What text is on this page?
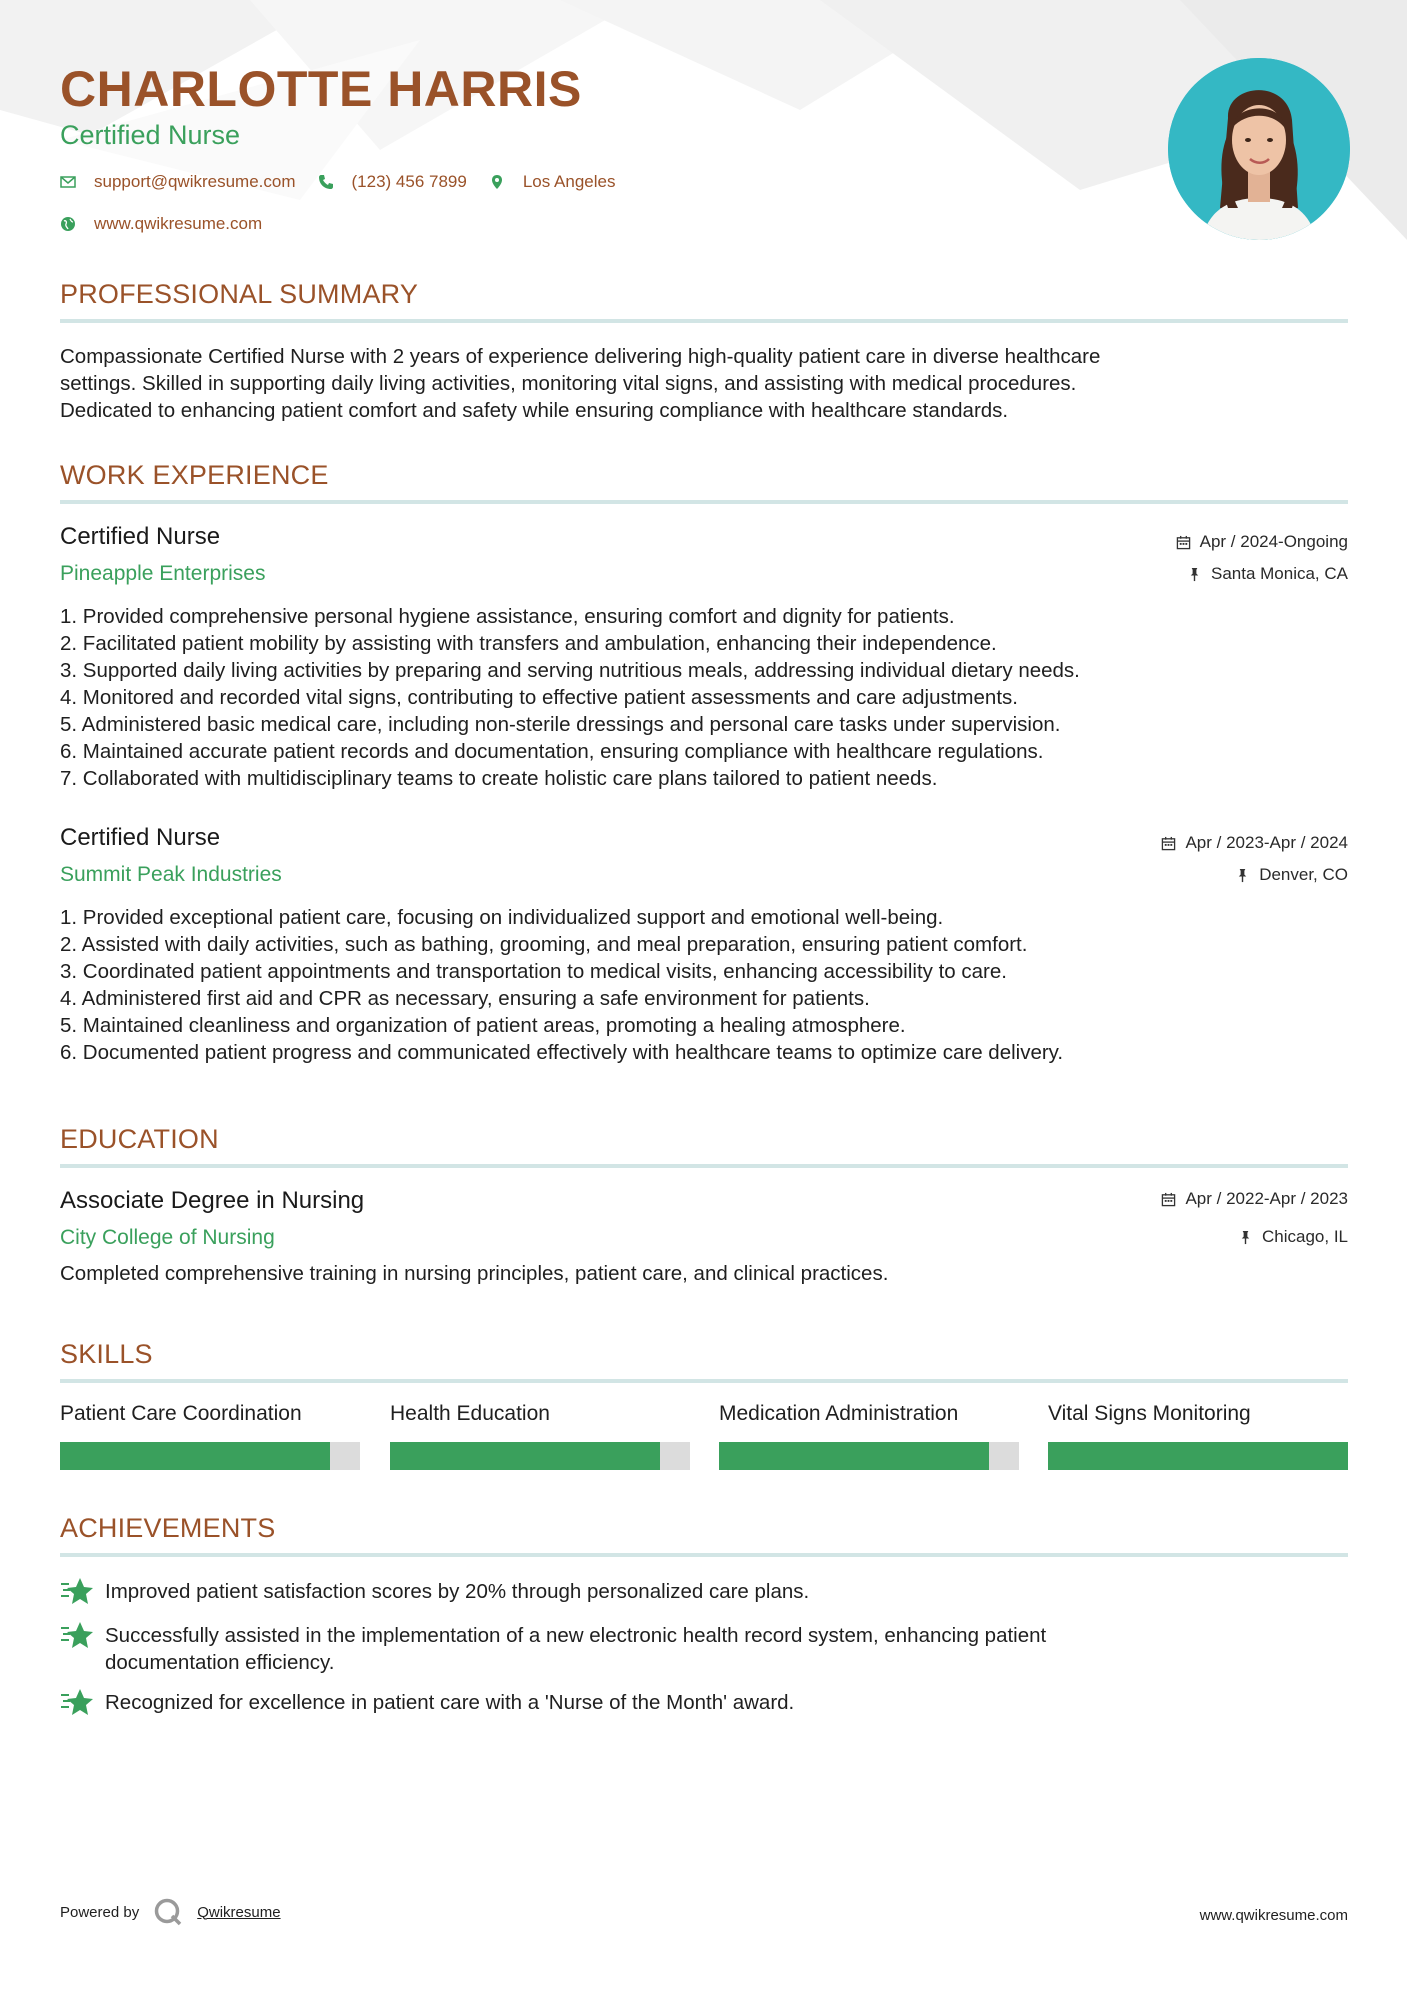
CHARLOTTE HARRIS
Certified Nurse
support@qwikresume.com	(123) 456 7899	Los Angeles
www.qwikresume.com
PROFESSIONAL SUMMARY
Compassionate Certified Nurse with 2 years of experience delivering high-quality patient care in diverse healthcare
settings. Skilled in supporting daily living activities, monitoring vital signs, and assisting with medical procedures.
Dedicated to enhancing patient comfort and safety while ensuring compliance with healthcare standards.
WORK EXPERIENCE
Certified Nurse
Pineapple Enterprises
Apr / 2024-Ongoing
Santa Monica, CA
1. Provided comprehensive personal hygiene assistance, ensuring comfort and dignity for patients.
2. Facilitated patient mobility by assisting with transfers and ambulation, enhancing their independence.
3. Supported daily living activities by preparing and serving nutritious meals, addressing individual dietary needs.
4. Monitored and recorded vital signs, contributing to effective patient assessments and care adjustments.
5. Administered basic medical care, including non-sterile dressings and personal care tasks under supervision.
6. Maintained accurate patient records and documentation, ensuring compliance with healthcare regulations.
7. Collaborated with multidisciplinary teams to create holistic care plans tailored to patient needs.
Certified Nurse
Summit Peak Industries
Apr / 2023-Apr / 2024
Denver, CO
1. Provided exceptional patient care, focusing on individualized support and emotional well-being.
2. Assisted with daily activities, such as bathing, grooming, and meal preparation, ensuring patient comfort.
3. Coordinated patient appointments and transportation to medical visits, enhancing accessibility to care.
4. Administered first aid and CPR as necessary, ensuring a safe environment for patients.
5. Maintained cleanliness and organization of patient areas, promoting a healing atmosphere.
6. Documented patient progress and communicated effectively with healthcare teams to optimize care delivery.
EDUCATION
Associate Degree in Nursing
City College of Nursing
Apr / 2022-Apr / 2023
Chicago, IL
Completed comprehensive training in nursing principles, patient care, and clinical practices.
SKILLS
Patient Care Coordination	Health Education	Medication Administration	Vital Signs Monitoring
ACHIEVEMENTS
Improved patient satisfaction scores by 20% through personalized care plans.
Successfully assisted in the implementation of a new electronic health record system, enhancing patient
documentation efficiency.
Recognized for excellence in patient care with a 'Nurse of the Month' award.
Powered by	Qwikresume	www.qwikresume.com
